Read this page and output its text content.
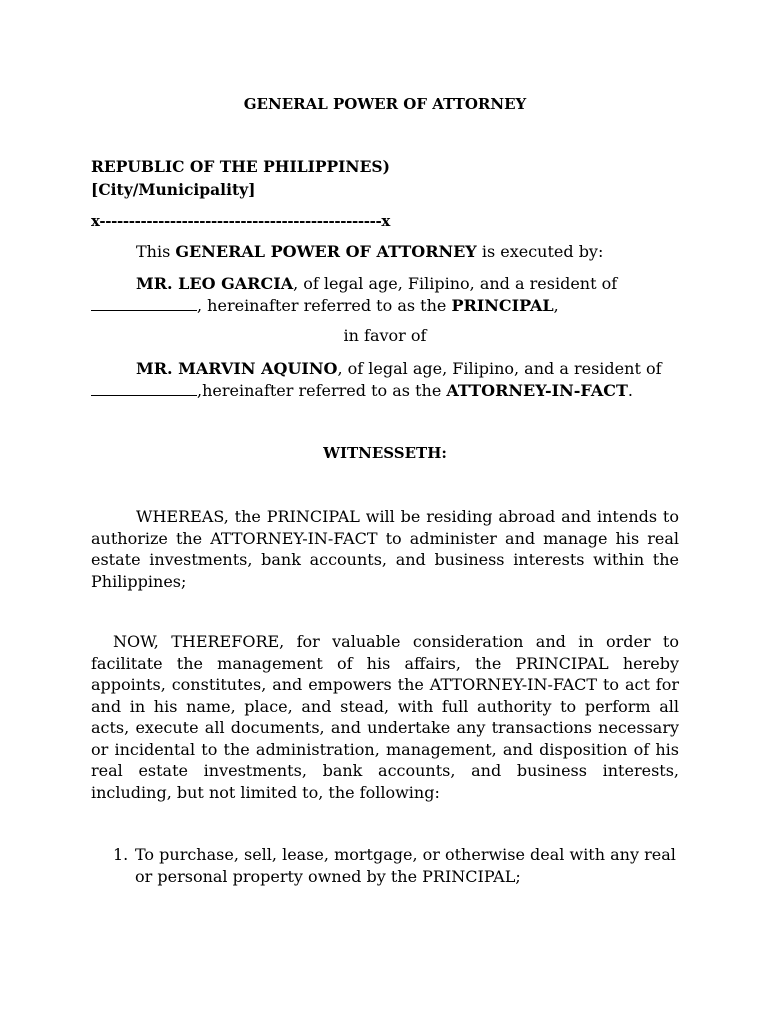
GENERAL POWER OF ATTORNEY
REPUBLIC OF THE PHILIPPINES)
[City/Municipality]
x------------------------------------------------x
This GENERAL POWER OF ATTORNEY is executed by:

MR. LEO GARCIA, of legal age, Filipino, and a resident of

, hereinafter referred to as the PRINCIPAL,

in favor of

MR. MARVIN AQUINO, of legal age, Filipino, and a resident of

,hereinafter referred to as the ATTORNEY-IN-FACT.

WITNESSETH:

WHEREAS, the PRINCIPAL will be residing abroad and intends to authorize the ATTORNEY-IN-FACT to administer and manage his real estate investments, bank accounts, and business interests within the Philippines;

NOW, THEREFORE, for valuable consideration and in order to facilitate the management of his affairs, the PRINCIPAL hereby appoints, constitutes, and empowers the ATTORNEY-IN-FACT to act for and in his name, place, and stead, with full authority to perform all acts, execute all documents, and undertake any transactions necessary or incidental to the administration, management, and disposition of his real estate investments, bank accounts, and business interests, including, but not limited to, the following:

1. To purchase, sell, lease, mortgage, or otherwise deal with any real or personal property owned by the PRINCIPAL;
